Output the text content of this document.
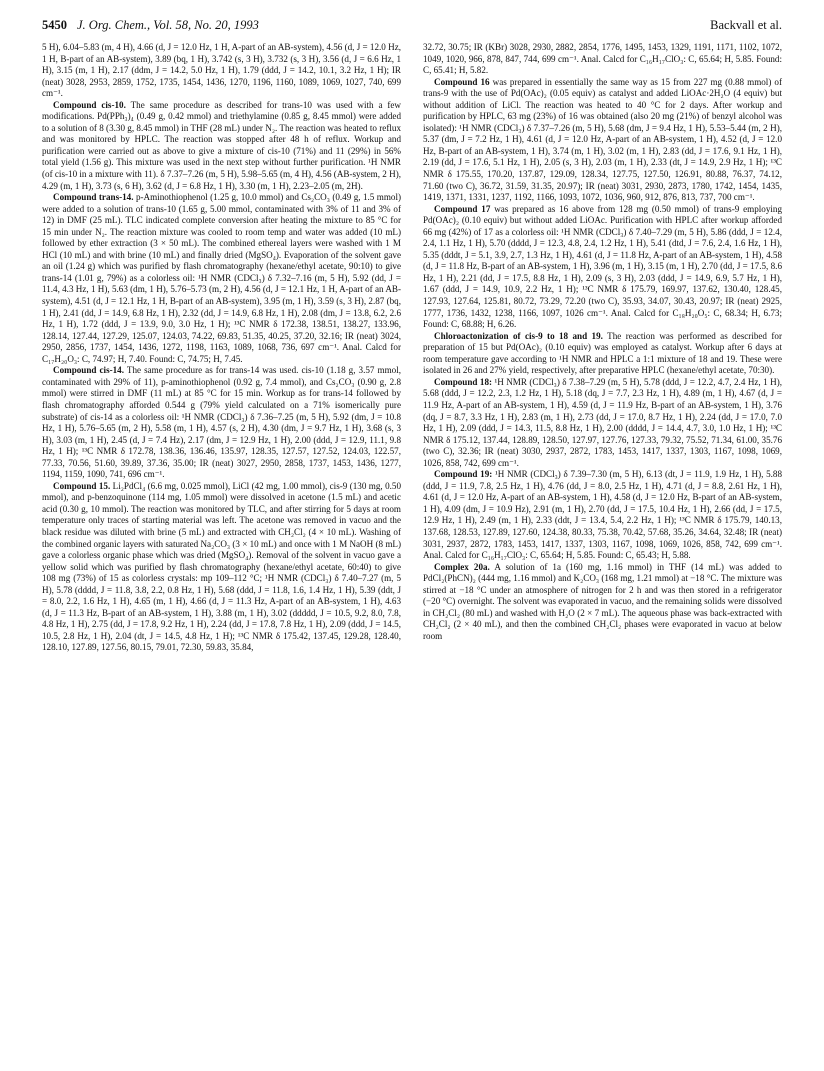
5450 J. Org. Chem., Vol. 58, No. 20, 1993	Backvall et al.

5 H), 6.04–5.83 (m, 4 H), 4.66 (d, J = 12.0 Hz, 1 H, A-part of an AB-system), 4.56 (d, J = 12.0 Hz, 1 H, B-part of an AB-system), 3.89 (bq, 1 H), 3.742 (s, 3 H), 3.732 (s, 3 H), 3.56 (d, J = 6.6 Hz, 1 H), 3.15 (m, 1 H), 2.17 (ddm, J = 14.2, 5.0 Hz, 1 H), 1.79 (ddd, J = 14.2, 10.1, 3.2 Hz, 1 H); IR (neat) 3028, 2953, 2859, 1752, 1735, 1454, 1436, 1270, 1196, 1160, 1089, 1069, 1027, 740, 699 cm⁻¹.

Compound cis-10. The same procedure as described for trans-10 was used with a few modifications. Pd(PPh₃)₄ (0.49 g, 0.42 mmol) and triethylamine (0.85 g, 8.45 mmol) were added to a solution of 8 (3.30 g, 8.45 mmol) in THF (28 mL) under N₂. The reaction was heated to reflux and was monitored by HPLC. The reaction was stopped after 48 h of reflux. Workup and purification were carried out as above to give a mixture of cis-10 (71%) and 11 (29%) in 56% total yield (1.56 g). This mixture was used in the next step without further purification. ¹H NMR (of cis-10 in a mixture with 11). δ 7.37–7.26 (m, 5 H), 5.98–5.65 (m, 4 H), 4.56 (AB-system, 2 H), 4.29 (m, 1 H), 3.73 (s, 6 H), 3.62 (d, J = 6.8 Hz, 1 H), 3.30 (m, 1 H), 2.23–2.05 (m, 2H).

Compound trans-14. p-Aminothiophenol (1.25 g, 10.0 mmol) and Cs₂CO₃ (0.49 g, 1.5 mmol) were added to a solution of trans-10 (1.65 g, 5.00 mmol, contaminated with 3% of 11 and 3% of 12) in DMF (25 mL). TLC indicated complete conversion after heating the mixture to 85 °C for 15 min under N₂. The reaction mixture was cooled to room temp and water was added (10 mL) followed by ether extraction (3 × 50 mL). The combined ethereal layers were washed with 1 M HCl (10 mL) and with brine (10 mL) and finally dried (MgSO₄). Evaporation of the solvent gave an oil (1.24 g) which was purified by flash chromatography (hexane/ethyl acetate, 90:10) to give trans-14 (1.01 g, 79%) as a colorless oil: ¹H NMR (CDCl₃) δ 7.32–7.16 (m, 5 H), 5.92 (dd, J = 11.4, 4.3 Hz, 1 H), 5.63 (dm, 1 H), 5.76–5.73 (m, 2 H), 4.56 (d, J = 12.1 Hz, 1 H, A-part of an AB-system), 4.51 (d, J = 12.1 Hz, 1 H, B-part of an AB-system), 3.95 (m, 1 H), 3.59 (s, 3 H), 2.87 (bq, 1 H), 2.41 (dd, J = 14.9, 6.8 Hz, 1 H), 2.32 (dd, J = 14.9, 6.8 Hz, 1 H), 2.08 (dm, J = 13.8, 6.2, 2.6 Hz, 1 H), 1.72 (ddd, J = 13.9, 9.0, 3.0 Hz, 1 H); ¹³C NMR δ 172.38, 138.51, 138.27, 133.96, 128.14, 127.44, 127.29, 125.07, 124.03, 74.22, 69.83, 51.35, 40.25, 37.20, 32.16; IR (neat) 3024, 2950, 2856, 1737, 1454, 1436, 1272, 1198, 1163, 1089, 1068, 736, 697 cm⁻¹. Anal. Calcd for C₁₇H₂₀O₃: C, 74.97; H, 7.40. Found: C, 74.75; H, 7.45.

Compound cis-14. The same procedure as for trans-14 was used. cis-10 (1.18 g, 3.57 mmol, contaminated with 29% of 11), p-aminothiophenol (0.92 g, 7.4 mmol), and Cs₂CO₃ (0.90 g, 2.8 mmol) were stirred in DMF (11 mL) at 85 °C for 15 min. Workup as for trans-14 followed by flash chromatography afforded 0.544 g (79% yield calculated on a 71% isomerically pure substrate) of cis-14 as a colorless oil: ¹H NMR (CDCl₃) δ 7.36–7.25 (m, 5 H), 5.92 (dm, J = 10.8 Hz, 1 H), 5.76–5.65 (m, 2 H), 5.58 (m, 1 H), 4.57 (s, 2 H), 4.30 (dm, J = 9.7 Hz, 1 H), 3.68 (s, 3 H), 3.03 (m, 1 H), 2.45 (d, J = 7.4 Hz), 2.17 (dm, J = 12.9 Hz, 1 H), 2.00 (ddd, J = 12.9, 11.1, 9.8 Hz, 1 H); ¹³C NMR δ 172.78, 138.36, 136.46, 135.97, 128.35, 127.57, 127.52, 124.03, 122.57, 77.33, 70.56, 51.60, 39.89, 37.36, 35.00; IR (neat) 3027, 2950, 2858, 1737, 1453, 1436, 1277, 1194, 1159, 1090, 741, 696 cm⁻¹.

Compound 15. Li₂PdCl₄ (6.6 mg, 0.025 mmol), LiCl (42 mg, 1.00 mmol), cis-9 (130 mg, 0.50 mmol), and p-benzoquinone (114 mg, 1.05 mmol) were dissolved in acetone (1.5 mL) and acetic acid (0.30 g, 10 mmol). The reaction was monitored by TLC, and after stirring for 5 days at room temperature only traces of starting material was left. The acetone was removed in vacuo and the black residue was diluted with brine (5 mL) and extracted with CH₂Cl₂ (4 × 10 mL). Washing of the combined organic layers with saturated Na₂CO₃ (3 × 10 mL) and once with 1 M NaOH (8 mL) gave a colorless organic phase which was dried (MgSO₄). Removal of the solvent in vacuo gave a yellow solid which was purified by flash chromatography (hexane/ethyl acetate, 60:40) to give 108 mg (73%) of 15 as colorless crystals: mp 109–112 °C; ¹H NMR (CDCl₃) δ 7.40–7.27 (m, 5 H), 5.78 (dddd, J = 11.8, 3.8, 2.2, 0.8 Hz, 1 H), 5.68 (ddd, J = 11.8, 1.6, 1.4 Hz, 1 H), 5.39 (ddt, J = 8.0, 2.2, 1.6 Hz, 1 H), 4.65 (m, 1 H), 4.66 (d, J = 11.3 Hz, A-part of an AB-system, 1 H), 4.63 (d, J = 11.3 Hz, B-part of an AB-system, 1 H), 3.88 (m, 1 H), 3.02 (ddddd, J = 10.5, 9.2, 8.0, 7.8, 4.8 Hz, 1 H), 2.75 (dd, J = 17.8, 9.2 Hz, 1 H), 2.24 (dd, J = 17.8, 7.8 Hz, 1 H), 2.09 (ddd, J = 14.5, 10.5, 2.8 Hz, 1 H), 2.04 (dt, J = 14.5, 4.8 Hz, 1 H); ¹³C NMR δ 175.42, 137.45, 129.28, 128.40, 128.10, 127.89, 127.56, 80.15, 79.01, 72.30, 59.83, 35.84,

32.72, 30.75; IR (KBr) 3028, 2930, 2882, 2854, 1776, 1495, 1453, 1329, 1191, 1171, 1102, 1072, 1049, 1020, 966, 878, 847, 744, 699 cm⁻¹. Anal. Calcd for C₁₆H₁₇ClO₃: C, 65.64; H, 5.85. Found: C, 65.41; H, 5.82.

Compound 16 was prepared in essentially the same way as 15 from 227 mg (0.88 mmol) of trans-9 with the use of Pd(OAc)₂ (0.05 equiv) as catalyst and added LiOAc·2H₂O (4 equiv) but without addition of LiCl. The reaction was heated to 40 °C for 2 days. After workup and purification by HPLC, 63 mg (23%) of 16 was obtained (also 20 mg (21%) of benzyl alcohol was isolated): ¹H NMR (CDCl₃) δ 7.37–7.26 (m, 5 H), 5.68 (dm, J = 9.4 Hz, 1 H), 5.53–5.44 (m, 2 H), 5.37 (dm, J = 7.2 Hz, 1 H), 4.61 (d, J = 12.0 Hz, A-part of an AB-system, 1 H), 4.52 (d, J = 12.0 Hz, B-part of an AB-system, 1 H), 3.74 (m, 1 H), 3.02 (m, 1 H), 2.83 (dd, J = 17.6, 9.1 Hz, 1 H), 2.19 (dd, J = 17.6, 5.1 Hz, 1 H), 2.05 (s, 3 H), 2.03 (m, 1 H), 2.33 (dt, J = 14.9, 2.9 Hz, 1 H); ¹³C NMR δ 175.55, 170.20, 137.87, 129.09, 128.34, 127.75, 127.50, 126.91, 80.88, 76.37, 74.12, 71.60 (two C), 36.72, 31.59, 31.35, 20.97); IR (neat) 3031, 2930, 2873, 1780, 1742, 1454, 1435, 1419, 1371, 1331, 1237, 1192, 1166, 1093, 1072, 1036, 960, 912, 876, 813, 737, 700 cm⁻¹.

Compound 17 was prepared as 16 above from 128 mg (0.50 mmol) of trans-9 employing Pd(OAc)₂ (0.10 equiv) but without added LiOAc. Purification with HPLC after workup afforded 66 mg (42%) of 17 as a colorless oil: ¹H NMR (CDCl₃) δ 7.40–7.29 (m, 5 H), 5.86 (ddd, J = 12.4, 2.4, 1.1 Hz, 1 H), 5.70 (dddd, J = 12.3, 4.8, 2.4, 1.2 Hz, 1 H), 5.41 (dtd, J = 7.6, 2.4, 1.6 Hz, 1 H), 5.35 (dddt, J = 5.1, 3.9, 2.7, 1.3 Hz, 1 H), 4.61 (d, J = 11.8 Hz, A-part of an AB-system, 1 H), 4.58 (d, J = 11.8 Hz, B-part of an AB-system, 1 H), 3.96 (m, 1 H), 3.15 (m, 1 H), 2.70 (dd, J = 17.5, 8.6 Hz, 1 H), 2.21 (dd, J = 17.5, 8.8 Hz, 1 H), 2.09 (s, 3 H), 2.03 (ddd, J = 14.9, 6.9, 5.7 Hz, 1 H), 1.67 (ddd, J = 14.9, 10.9, 2.2 Hz, 1 H); ¹³C NMR δ 175.79, 169.97, 137.62, 130.40, 128.45, 127.93, 127.64, 125.81, 80.72, 73.29, 72.20 (two C), 35.93, 34.07, 30.43, 20.97; IR (neat) 2925, 1777, 1736, 1432, 1238, 1166, 1097, 1026 cm⁻¹. Anal. Calcd for C₁₈H₂₀O₅: C, 68.34; H, 6.73; Found: C, 68.88; H, 6.26.

Chloroactonization of cis-9 to 18 and 19. The reaction was performed as described for preparation of 15 but Pd(OAc)₂ (0.10 equiv) was employed as catalyst. Workup after 6 days at room temperature gave according to ¹H NMR and HPLC a 1:1 mixture of 18 and 19. These were isolated in 26 and 27% yield, respectively, after preparative HPLC (hexane/ethyl acetate, 70:30).

Compound 18: ¹H NMR (CDCl₃) δ 7.38–7.29 (m, 5 H), 5.78 (ddd, J = 12.2, 4.7, 2.4 Hz, 1 H), 5.68 (ddd, J = 12.2, 2.3, 1.2 Hz, 1 H), 5.18 (dq, J = 7.7, 2.3 Hz, 1 H), 4.89 (m, 1 H), 4.67 (d, J = 11.9 Hz, A-part of an AB-system, 1 H), 4.59 (d, J = 11.9 Hz, B-part of an AB-system, 1 H), 3.76 (dq, J = 8.7, 3.3 Hz, 1 H), 2.83 (m, 1 H), 2.73 (dd, J = 17.0, 8.7 Hz, 1 H), 2.24 (dd, J = 17.0, 7.0 Hz, 1 H), 2.09 (ddd, J = 14.3, 11.5, 8.8 Hz, 1 H), 2.00 (dddd, J = 14.4, 4.7, 3.0, 1.0 Hz, 1 H); ¹³C NMR δ 175.12, 137.44, 128.89, 128.50, 127.97, 127.76, 127.33, 79.32, 75.52, 71.34, 61.00, 35.76 (two C), 32.36; IR (neat) 3030, 2937, 2872, 1783, 1453, 1417, 1337, 1303, 1167, 1098, 1069, 1026, 858, 742, 699 cm⁻¹.

Compound 19: ¹H NMR (CDCl₃) δ 7.39–7.30 (m, 5 H), 6.13 (dt, J = 11.9, 1.9 Hz, 1 H), 5.88 (ddd, J = 11.9, 7.8, 2.5 Hz, 1 H), 4.76 (dd, J = 8.0, 2.5 Hz, 1 H), 4.71 (d, J = 8.8, 2.61 Hz, 1 H), 4.61 (d, J = 12.0 Hz, A-part of an AB-system, 1 H), 4.58 (d, J = 12.0 Hz, B-part of an AB-system, 1 H), 4.09 (dm, J = 10.9 Hz), 2.91 (m, 1 H), 2.70 (dd, J = 17.5, 10.4 Hz, 1 H), 2.66 (dd, J = 17.5, 12.9 Hz, 1 H), 2.49 (m, 1 H), 2.33 (ddt, J = 13.4, 5.4, 2.2 Hz, 1 H); ¹³C NMR δ 175.79, 140.13, 137.68, 128.53, 127.89, 127.60, 124.38, 80.33, 75.38, 70.42, 57.68, 35.26, 34.64, 32.48; IR (neat) 3031, 2937, 2872, 1783, 1453, 1417, 1337, 1303, 1167, 1098, 1069, 1026, 858, 742, 699 cm⁻¹. Anal. Calcd for C₁₆H₁₇ClO₃: C, 65.64; H, 5.85. Found: C, 65.43; H, 5.88.

Complex 20a. A solution of 1a (160 mg, 1.16 mmol) in THF (14 mL) was added to PdCl₂(PhCN)₂ (444 mg, 1.16 mmol) and K₂CO₃ (168 mg, 1.21 mmol) at −18 °C. The mixture was stirred at −18 °C under an atmosphere of nitrogen for 2 h and was then stored in a refrigerator (−20 °C) overnight. The solvent was evaporated in vacuo, and the remaining solids were dissolved in CH₂Cl₂ (80 mL) and washed with H₂O (2 × 7 mL). The aqueous phase was back-extracted with CH₂Cl₂ (2 × 40 mL), and then the combined CH₂Cl₂ phases were evaporated in vacuo at below room
